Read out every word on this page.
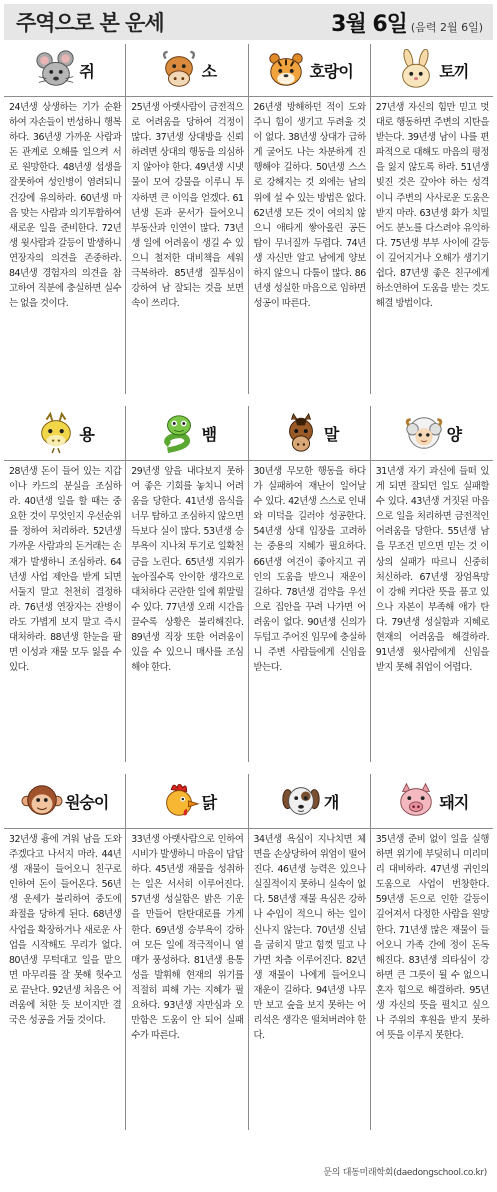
주역으로 본 운세	3월 6일 (음력 2월 6일)
쥐
24년생 상생하는 기가 순환하여 자손들이 번성하니 행복하다. 36년생 가까운 사람과 돈 관계로 오해를 일으켜 서로 원망한다. 48년생 섭생을 잘못하여 성인병이 염려되니 건강에 유의하라. 60년생 마음 맞는 사람과 의기투합하여 새로운 일을 준비한다. 72년생 윗사람과 갈등이 발생하니 연장자의 의견을 존중하라. 84년생 경험자의 의견을 참고하여 직분에 충실하면 실수는 없을 것이다.
소
25년생 아랫사람이 금전적으로 어려움을 당하여 걱정이 많다. 37년생 상대방을 신뢰하려면 상대의 행동을 의심하지 않아야 한다. 49년생 시냇물이 모여 강물을 이루니 투자하면 큰 이익을 얻겠다. 61년생 돈과 문서가 들어오니 부동산과 인연이 많다. 73년생 일에 어려움이 생길 수 있으니 철저한 대비책을 세워 극복하라. 85년생 질투심이 강하여 남 잘되는 것을 보면 속이 쓰리다.
호랑이
26년생 방해하던 적이 도와주니 힘이 생기고 두려울 것이 없다. 38년생 상대가 급하게 굴어도 나는 차분하게 진행해야 길하다. 50년생 스스로 강해지는 것 외에는 남의 위에 설 수 있는 방법은 없다. 62년생 모든 것이 여의치 않으니 애타게 쌓아올린 공든 탑이 무너질까 두렵다. 74년생 자신만 알고 남에게 양보하지 않으니 다툼이 많다. 86년생 성실한 마음으로 임하면 성공이 따른다.
토끼
27년생 자신의 힘만 믿고 멋대로 행동하면 주변의 지탄을 받는다. 39년생 남이 나를 편파적으로 대해도 마음의 평정을 잃지 않도록 하라. 51년생 빚진 것은 갚아야 하는 성격이니 주변의 사사로운 도움은 받지 마라. 63년생 화가 치밀어도 분노를 다스려야 유익하다. 75년생 부부 사이에 갈등이 깊어지거나 오해가 생기기 쉽다. 87년생 좋은 친구에게 하소연하여 도움을 받는 것도 해결 방법이다.
용
28년생 돈이 들어 있는 지갑이나 카드의 분실을 조심하라. 40년생 일을 할 때는 중요한 것이 무엇인지 우선순위를 정하여 처리하라. 52년생 가까운 사람과의 돈거래는 손재가 발생하니 조심하라. 64년생 사업 제안을 받게 되면 서둘지 말고 천천히 결정하라. 76년생 연장자는 잔병이라도 가볍게 보지 말고 즉시 대처하라. 88년생 한눈을 팔면 이성과 재물 모두 잃을 수 있다.
뱀
29년생 앞을 내다보지 못하여 좋은 기회를 놓치니 어려움을 당한다. 41년생 음식을 너무 탐하고 조심하지 않으면 득보다 실이 많다. 53년생 승부욕이 지나쳐 투기로 일확천금을 노린다. 65년생 지위가 높아질수록 안이한 생각으로 대처하다 곤란한 일에 휘말릴 수 있다. 77년생 오래 시간을 끌수록 상황은 불리해진다. 89년생 직장 또한 어려움이 있을 수 있으니 매사를 조심해야 한다.
말
30년생 무모한 행동을 하다가 실패하여 재난이 일어날 수 있다. 42년생 스스로 인내와 미덕을 길러야 성공한다. 54년생 상대 입장을 고려하는 중용의 지혜가 필요하다. 66년생 여건이 좋아지고 귀인의 도움을 받으니 재운이 길하다. 78년생 검약을 우선으로 집안을 꾸려 나가면 어려움이 없다. 90년생 신의가 두텁고 주어진 임무에 충실하니 주변 사람들에게 신임을 받는다.
양
31년생 자기 과신에 들떠 있게 되면 잘되던 일도 실패할 수 있다. 43년생 거짓된 마음으로 일을 처리하면 금전적인 어려움을 당한다. 55년생 남을 무조건 믿으면 믿는 것 이상의 실패가 따르니 신중히 처신하라. 67년생 장엄욕망이 강해 커다란 뜻을 품고 있으나 자본이 부족해 애가 탄다. 79년생 성실함과 지혜로 현재의 어려움을 해결하라. 91년생 윗사람에게 신임을 받지 못해 취업이 어렵다.
원숭이
32년생 흉에 겨워 남을 도와주겠다고 나서지 마라. 44년생 재물이 들어오니 친구로 인하여 돈이 들어온다. 56년생 운세가 불리하여 중도에 좌절을 당하게 된다. 68년생 사업을 확장하거나 새로운 사업을 시작해도 무리가 없다. 80년생 무턱대고 일을 맡으면 마무리를 잘 못해 헛수고로 끝난다. 92년생 처음은 어려움에 처한 듯 보이지만 결국은 성공을 거둘 것이다.
닭
33년생 아랫사람으로 인하여 시비가 발생하니 마음이 답답하다. 45년생 재물을 성취하는 일은 서서히 이루어진다. 57년생 성실함은 밝은 기운을 만들어 탄탄대로를 가게 한다. 69년생 승부욕이 강하여 모든 일에 적극적이니 열매가 풍성하다. 81년생 용통성을 발휘해 현재의 위기를 적절히 피해 가는 지혜가 필요하다. 93년생 자만심과 오만함은 도움이 안 되어 실패수가 따른다.
개
34년생 욕심이 지나치면 체면을 손상당하여 위엄이 떨어진다. 46년생 능력은 있으나 실질적이지 못하니 실속이 없다. 58년생 재물 욕심은 강하나 수입이 적으니 하는 일이 신나지 않는다. 70년생 신념을 굽히지 말고 힘껏 밀고 나가면 차츰 이루어진다. 82년생 재물이 나에게 들어오니 재운이 길하다. 94년생 나무만 보고 숲을 보지 못하는 어리석은 생각은 떨쳐버려야 한다.
돼지
35년생 준비 없이 일을 실행하면 위기에 부딪히니 미리미리 대비하라. 47년생 귀인의 도움으로 사업이 번창한다. 59년생 돈으로 인한 갈등이 깊어져서 다정한 사람을 원망한다. 71년생 많은 재물이 들어오니 가족 간에 정이 돈독해진다. 83년생 의타심이 강하면 큰 그릇이 될 수 없으니 혼자 힘으로 해결하라. 95년생 자신의 뜻을 펼치고 싶으나 주위의 후원을 받지 못하여 뜻을 이루지 못한다.
문의 대동미래학회(daedongschool.co.kr)
